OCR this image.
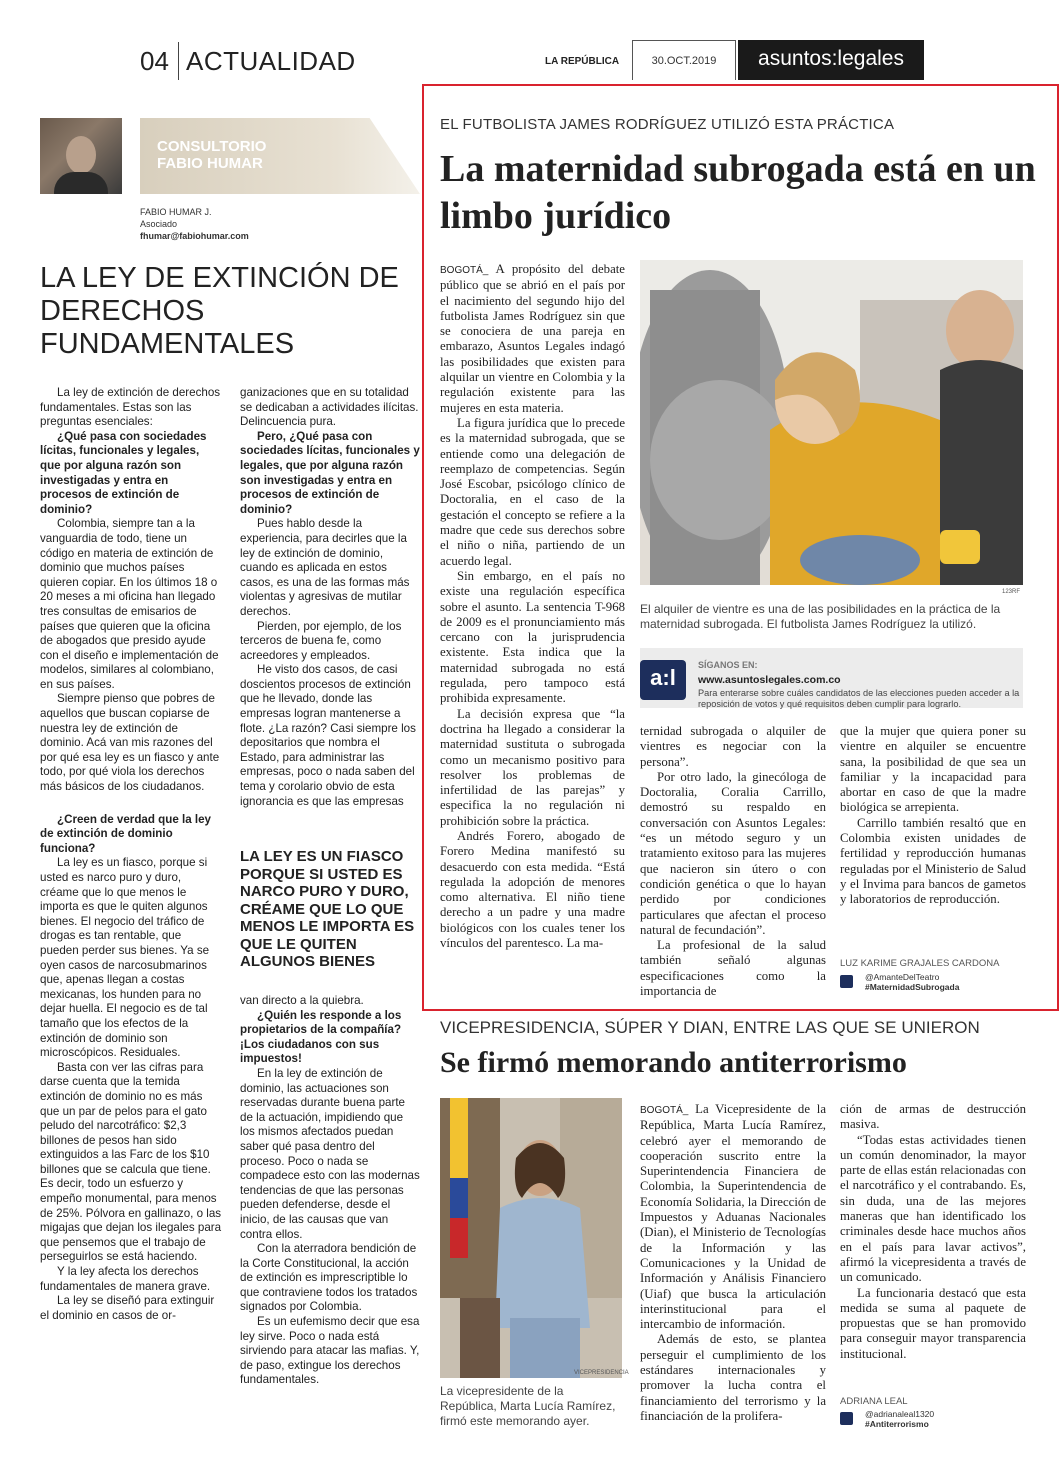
04 ACTUALIDAD	LA REPÚBLICA	30.OCT.2019	asuntos:legales
CONSULTORIO
FABIO HUMAR
FABIO HUMAR J.
Asociado
fhumar@fabiohumar.com
LA LEY DE EXTINCIÓN DE DERECHOS FUNDAMENTALES

La ley de extinción de derechos fundamentales. Estas son las preguntas esenciales:

¿Qué pasa con sociedades lícitas, funcionales y legales, que por alguna razón son investigadas y entra en procesos de extinción de dominio?

Colombia, siempre tan a la vanguardia de todo, tiene un código en materia de extinción de dominio que muchos países quieren copiar. En los últimos 18 o 20 meses a mi oficina han llegado tres consultas de emisarios de países que quieren que la oficina de abogados que presido ayude con el diseño e implementación de modelos, similares al colombiano, en sus países.

Siempre pienso que pobres de aquellos que buscan copiarse de nuestra ley de extinción de dominio. Acá van mis razones del por qué esa ley es un fiasco y ante todo, por qué viola los derechos más básicos de los ciudadanos.

¿Creen de verdad que la ley de extinción de dominio funciona?

La ley es un fiasco, porque si usted es narco puro y duro, créame que lo que menos le importa es que le quiten algunos bienes. El negocio del tráfico de drogas es tan rentable, que pueden perder sus bienes. Ya se oyen casos de narcosubmarinos que, apenas llegan a costas mexicanas, los hunden para no dejar huella. El negocio es de tal tamaño que los efectos de la extinción de dominio son microscópicos. Residuales.

Basta con ver las cifras para darse cuenta que la temida extinción de dominio no es más que un par de pelos para el gato peludo del narcotráfico: $2,3 billones de pesos han sido extinguidos a las Farc de los $10 billones que se calcula que tiene. Es decir, todo un esfuerzo y empeño monumental, para menos de 25%. Pólvora en gallinazo, o las migajas que dejan los ilegales para que pensemos que el trabajo de perseguirlos se está haciendo.

Y la ley afecta los derechos fundamentales de manera grave.

La ley se diseñó para extinguir el dominio en casos de or-

ganizaciones que en su totalidad se dedicaban a actividades ilícitas. Delincuencia pura.

Pero, ¿Qué pasa con sociedades lícitas, funcionales y legales, que por alguna razón son investigadas y entra en procesos de extinción de dominio?

Pues hablo desde la experiencia, para decirles que la ley de extinción de dominio, cuando es aplicada en estos casos, es una de las formas más violentas y agresivas de mutilar derechos.

Pierden, por ejemplo, de los terceros de buena fe, como acreedores y empleados.

He visto dos casos, de casi doscientos procesos de extinción que he llevado, donde las empresas logran mantenerse a flote. ¿La razón? Casi siempre los depositarios que nombra el Estado, para administrar las empresas, poco o nada saben del tema y corolario obvio de esta ignorancia es que las empresas

LA LEY ES UN FIASCO PORQUE SI USTED ES NARCO PURO Y DURO, CRÉAME QUE LO QUE MENOS LE IMPORTA ES QUE LE QUITEN ALGUNOS BIENES

van directo a la quiebra.

¿Quién les responde a los propietarios de la compañía? ¡Los ciudadanos con sus impuestos!

En la ley de extinción de dominio, las actuaciones son reservadas durante buena parte de la actuación, impidiendo que los mismos afectados puedan saber qué pasa dentro del proceso. Poco o nada se compadece esto con las modernas tendencias de que las personas pueden defenderse, desde el inicio, de las causas que van contra ellos.

Con la aterradora bendición de la Corte Constitucional, la acción de extinción es imprescriptible lo que contraviene todos los tratados signados por Colombia.

Es un eufemismo decir que esa ley sirve. Poco o nada está sirviendo para atacar las mafias. Y, de paso, extingue los derechos fundamentales.

EL FUTBOLISTA JAMES RODRÍGUEZ UTILIZÓ ESTA PRÁCTICA
La maternidad subrogada está en un limbo jurídico

BOGOTÁ_ A propósito del debate público que se abrió en el país por el nacimiento del segundo hijo del futbolista James Rodríguez sin que se conociera de una pareja en embarazo, Asuntos Legales indagó las posibilidades que existen para alquilar un vientre en Colombia y la regulación existente para las mujeres en esta materia.

La figura jurídica que lo precede es la maternidad subrogada, que se entiende como una delegación de reemplazo de competencias. Según José Escobar, psicólogo clínico de Doctoralia, en el caso de la gestación el concepto se refiere a la madre que cede sus derechos sobre el niño o niña, partiendo de un acuerdo legal.

Sin embargo, en el país no existe una regulación específica sobre el asunto. La sentencia T-968 de 2009 es el pronunciamiento más cercano con la jurisprudencia existente. Esta indica que la maternidad subrogada no está regulada, pero tampoco está prohibida expresamente.

La decisión expresa que “la doctrina ha llegado a considerar la maternidad sustituta o subrogada como un mecanismo positivo para resolver los problemas de infertilidad de las parejas” y especifica la no regulación ni prohibición sobre la práctica.

Andrés Forero, abogado de Forero Medina manifestó su desacuerdo con esta medida. “Está regulada la adopción de menores como alternativa. El niño tiene derecho a un padre y una madre biológicos con los cuales tener los vínculos del parentesco. La ma-

123RF
El alquiler de vientre es una de las posibilidades en la práctica de la maternidad subrogada. El futbolista James Rodríguez la utilizó.
a:l	SÍGANOS EN:
www.asuntoslegales.com.co
Para enterarse sobre cuáles candidatos de las elecciones pueden acceder a la reposición de votos y qué requisitos deben cumplir para lograrlo.

ternidad subrogada o alquiler de vientres es negociar con la persona”.

Por otro lado, la ginecóloga de Doctoralia, Coralia Carrillo, demostró su respaldo en conversación con Asuntos Legales: “es un método seguro y un tratamiento exitoso para las mujeres que nacieron sin útero o con condición genética o que lo hayan perdido por condiciones particulares que afectan el proceso natural de fecundación”.

La profesional de la salud también señaló algunas especificaciones como la importancia de

que la mujer que quiera poner su vientre en alquiler se encuentre sana, la posibilidad de que sea un familiar y la incapacidad para abortar en caso de que la madre biológica se arrepienta.

Carrillo también resaltó que en Colombia existen unidades de fertilidad y reproducción humanas reguladas por el Ministerio de Salud y el Invima para bancos de gametos y laboratorios de reproducción.

LUZ KARIME GRAJALES CARDONA
@AmanteDelTeatro
#MaternidadSubrogada
VICEPRESIDENCIA, SÚPER Y DIAN, ENTRE LAS QUE SE UNIERON
Se firmó memorando antiterrorismo
VICEPRESIDENCIA
La vicepresidente de la República, Marta Lucía Ramírez, firmó este memorando ayer.

BOGOTÁ_ La Vicepresidente de la República, Marta Lucía Ramírez, celebró ayer el memorando de cooperación suscrito entre la Superintendencia Financiera de Colombia, la Superintendencia de Economía Solidaria, la Dirección de Impuestos y Aduanas Nacionales (Dian), el Ministerio de Tecnologías de la Información y las Comunicaciones y la Unidad de Información y Análisis Financiero (Uiaf) que busca la articulación interinstitucional para el intercambio de información.

Además de esto, se plantea perseguir el cumplimiento de los estándares internacionales y promover la lucha contra el financiamiento del terrorismo y la financiación de la prolifera-

ción de armas de destrucción masiva.

“Todas estas actividades tienen un común denominador, la mayor parte de ellas están relacionadas con el narcotráfico y el contrabando. Es, sin duda, una de las mejores maneras que han identificado los criminales desde hace muchos años en el país para lavar activos”, afirmó la vicepresidenta a través de un comunicado.

La funcionaria destacó que esta medida se suma al paquete de propuestas que se han promovido para conseguir mayor transparencia institucional.

ADRIANA LEAL
@adrianaleal1320
#Antiterrorismo
